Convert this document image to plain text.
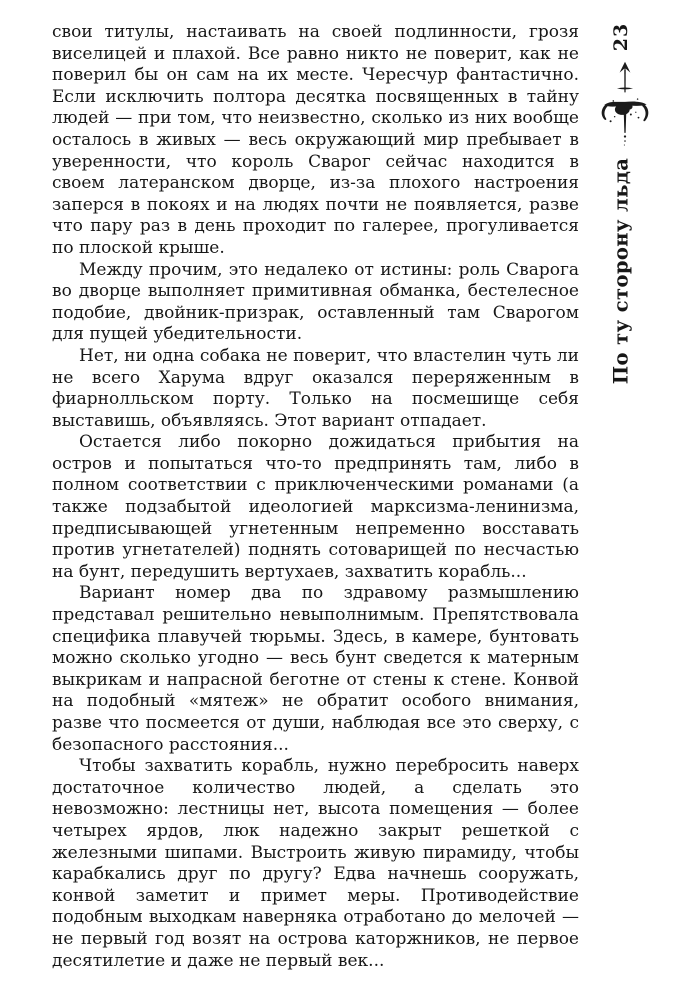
свои титулы, настаивать на своей подлинности, грозя виселицей и плахой. Все равно никто не поверит, как не поверил бы он сам на их месте. Чересчур фантастично. Если исключить полтора десятка посвященных в тайну людей — при том, что неизвестно, сколько из них вообще осталось в живых — весь окружающий мир пребывает в уверенности, что король Сварог сейчас находится в своем латеранском дворце, из-за плохого настроения заперся в покоях и на людях почти не появляется, разве что пару раз в день проходит по галерее, прогуливается по плоской крыше.

Между прочим, это недалеко от истины: роль Сварога во дворце выполняет примитивная обманка, бестелесное подобие, двойник-призрак, оставленный там Сварогом для пущей убедительности.

Нет, ни одна собака не поверит, что властелин чуть ли не всего Харума вдруг оказался переряженным в фиарнолльском порту. Только на посмешище себя выставишь, объявляясь. Этот вариант отпадает.

Остается либо покорно дожидаться прибытия на остров и попытаться что-то предпринять там, либо в полном соответствии с приключенческими романами (а также подзабытой идеологией марксизма-ленинизма, предписывающей угнетенным непременно восставать против угнетателей) поднять сотоварищей по несчастью на бунт, передушить вертухаев, захватить корабль...

Вариант номер два по здравому размышлению представал решительно невыполнимым. Препятствовала специфика плавучей тюрьмы. Здесь, в камере, бунтовать можно сколько угодно — весь бунт сведется к матерным выкрикам и напрасной беготне от стены к стене. Конвой на подобный «мятеж» не обратит особого внимания, разве что посмеется от души, наблюдая все это сверху, с безопасного расстояния...

Чтобы захватить корабль, нужно перебросить наверх достаточное количество людей, а сделать это невозможно: лестницы нет, высота помещения — более четырех ярдов, люк надежно закрыт решеткой с железными шипами. Выстроить живую пирамиду, чтобы карабкались друг по другу? Едва начнешь сооружать, конвой заметит и примет меры. Противодействие подобным выходкам наверняка отработано до мелочей — не первый год возят на острова каторжников, не первое десятилетие и даже не первый век...

23
По ту сторону льда
